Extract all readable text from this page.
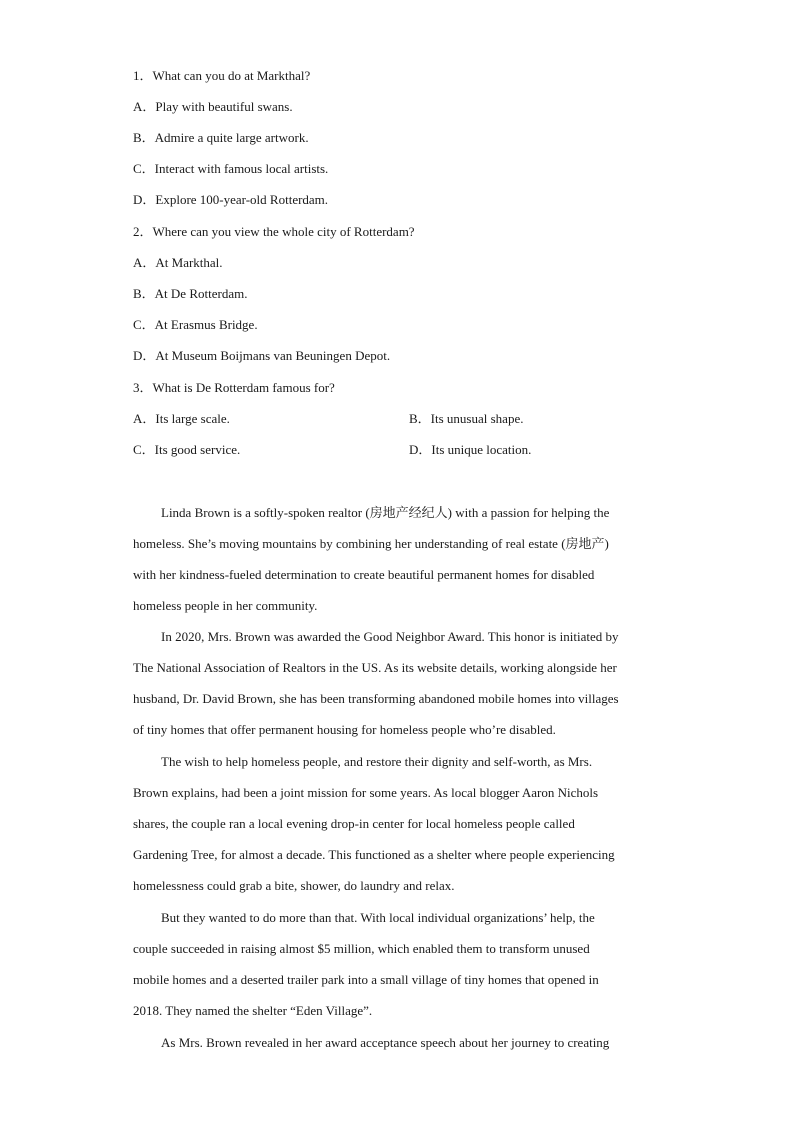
1．What can you do at Markthal?
A．Play with beautiful swans.
B．Admire a quite large artwork.
C．Interact with famous local artists.
D．Explore 100-year-old Rotterdam.
2．Where can you view the whole city of Rotterdam?
A．At Markthal.
B．At De Rotterdam.
C．At Erasmus Bridge.
D．At Museum Boijmans van Beuningen Depot.
3．What is De Rotterdam famous for?
A．Its large scale.	B．Its unusual shape.
C．Its good service.	D．Its unique location.
Linda Brown is a softly-spoken realtor (房地产经纪人) with a passion for helping the
homeless. She’s moving mountains by combining her understanding of real estate (房地产)
with her kindness-fueled determination to create beautiful permanent homes for disabled
homeless people in her community.
In 2020, Mrs. Brown was awarded the Good Neighbor Award. This honor is initiated by
The National Association of Realtors in the US. As its website details, working alongside her
husband, Dr. David Brown, she has been transforming abandoned mobile homes into villages
of tiny homes that offer permanent housing for homeless people who’re disabled.
The wish to help homeless people, and restore their dignity and self-worth, as Mrs.
Brown explains, had been a joint mission for some years. As local blogger Aaron Nichols
shares, the couple ran a local evening drop-in center for local homeless people called
Gardening Tree, for almost a decade. This functioned as a shelter where people experiencing
homelessness could grab a bite, shower, do laundry and relax.
But they wanted to do more than that. With local individual organizations’ help, the
couple succeeded in raising almost $5 million, which enabled them to transform unused
mobile homes and a deserted trailer park into a small village of tiny homes that opened in
2018. They named the shelter “Eden Village”.
As Mrs. Brown revealed in her award acceptance speech about her journey to creating
